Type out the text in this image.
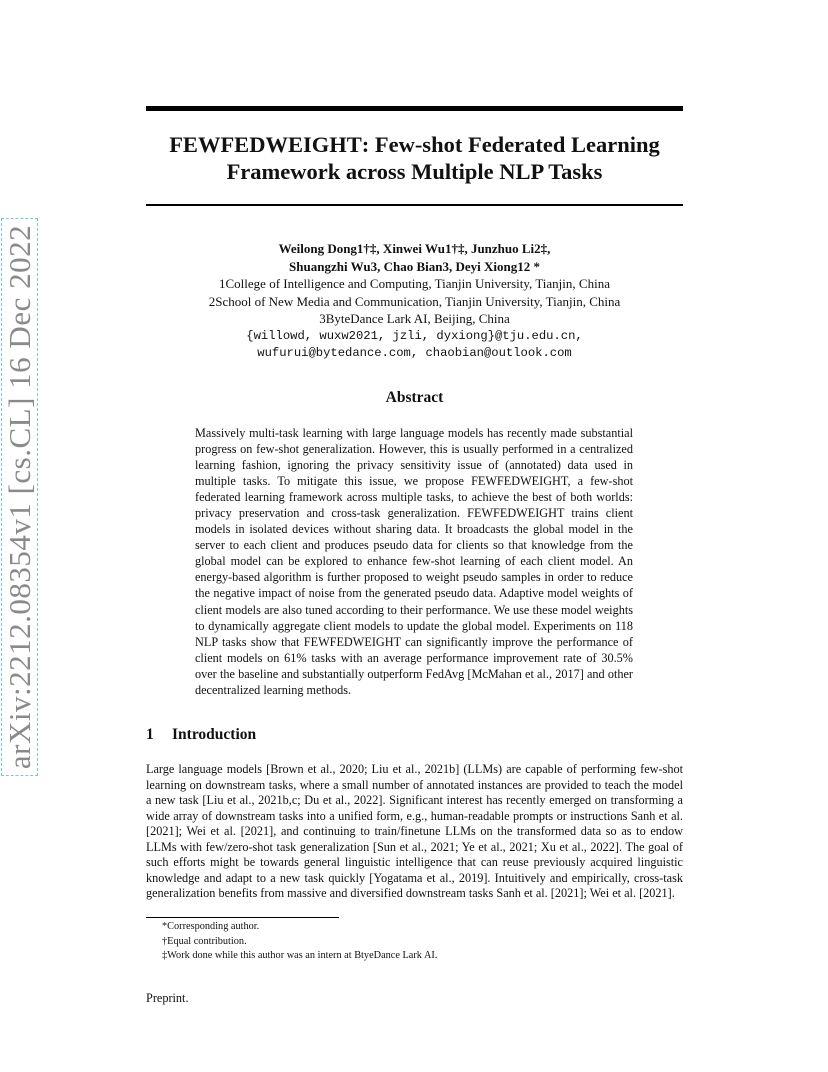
arXiv:2212.08354v1 [cs.CL] 16 Dec 2022
FEWFEDWEIGHT: Few-shot Federated Learning
Framework across Multiple NLP Tasks
Weilong Dong1†‡, Xinwei Wu1†‡, Junzhuo Li2‡,
Shuangzhi Wu3, Chao Bian3, Deyi Xiong12 *
1College of Intelligence and Computing, Tianjin University, Tianjin, China
2School of New Media and Communication, Tianjin University, Tianjin, China
3ByteDance Lark AI, Beijing, China
{willowd, wuxw2021, jzli, dyxiong}@tju.edu.cn,
wufurui@bytedance.com, chaobian@outlook.com
Abstract
Massively multi-task learning with large language models has recently made substantial progress on few-shot generalization. However, this is usually performed in a centralized learning fashion, ignoring the privacy sensitivity issue of (annotated) data used in multiple tasks. To mitigate this issue, we propose FEWFEDWEIGHT, a few-shot federated learning framework across multiple tasks, to achieve the best of both worlds: privacy preservation and cross-task generalization. FEWFEDWEIGHT trains client models in isolated devices without sharing data. It broadcasts the global model in the server to each client and produces pseudo data for clients so that knowledge from the global model can be explored to enhance few-shot learning of each client model. An energy-based algorithm is further proposed to weight pseudo samples in order to reduce the negative impact of noise from the generated pseudo data. Adaptive model weights of client models are also tuned according to their performance. We use these model weights to dynamically aggregate client models to update the global model. Experiments on 118 NLP tasks show that FEWFEDWEIGHT can significantly improve the performance of client models on 61% tasks with an average performance improvement rate of 30.5% over the baseline and substantially outperform FedAvg [McMahan et al., 2017] and other decentralized learning methods.
1 Introduction
Large language models [Brown et al., 2020; Liu et al., 2021b] (LLMs) are capable of performing few-shot learning on downstream tasks, where a small number of annotated instances are provided to teach the model a new task [Liu et al., 2021b,c; Du et al., 2022]. Significant interest has recently emerged on transforming a wide array of downstream tasks into a unified form, e.g., human-readable prompts or instructions Sanh et al. [2021]; Wei et al. [2021], and continuing to train/finetune LLMs on the transformed data so as to endow LLMs with few/zero-shot task generalization [Sun et al., 2021; Ye et al., 2021; Xu et al., 2022]. The goal of such efforts might be towards general linguistic intelligence that can reuse previously acquired linguistic knowledge and adapt to a new task quickly [Yogatama et al., 2019]. Intuitively and empirically, cross-task generalization benefits from massive and diversified downstream tasks Sanh et al. [2021]; Wei et al. [2021].
*Corresponding author.
†Equal contribution.
‡Work done while this author was an intern at BtyeDance Lark AI.
Preprint.
